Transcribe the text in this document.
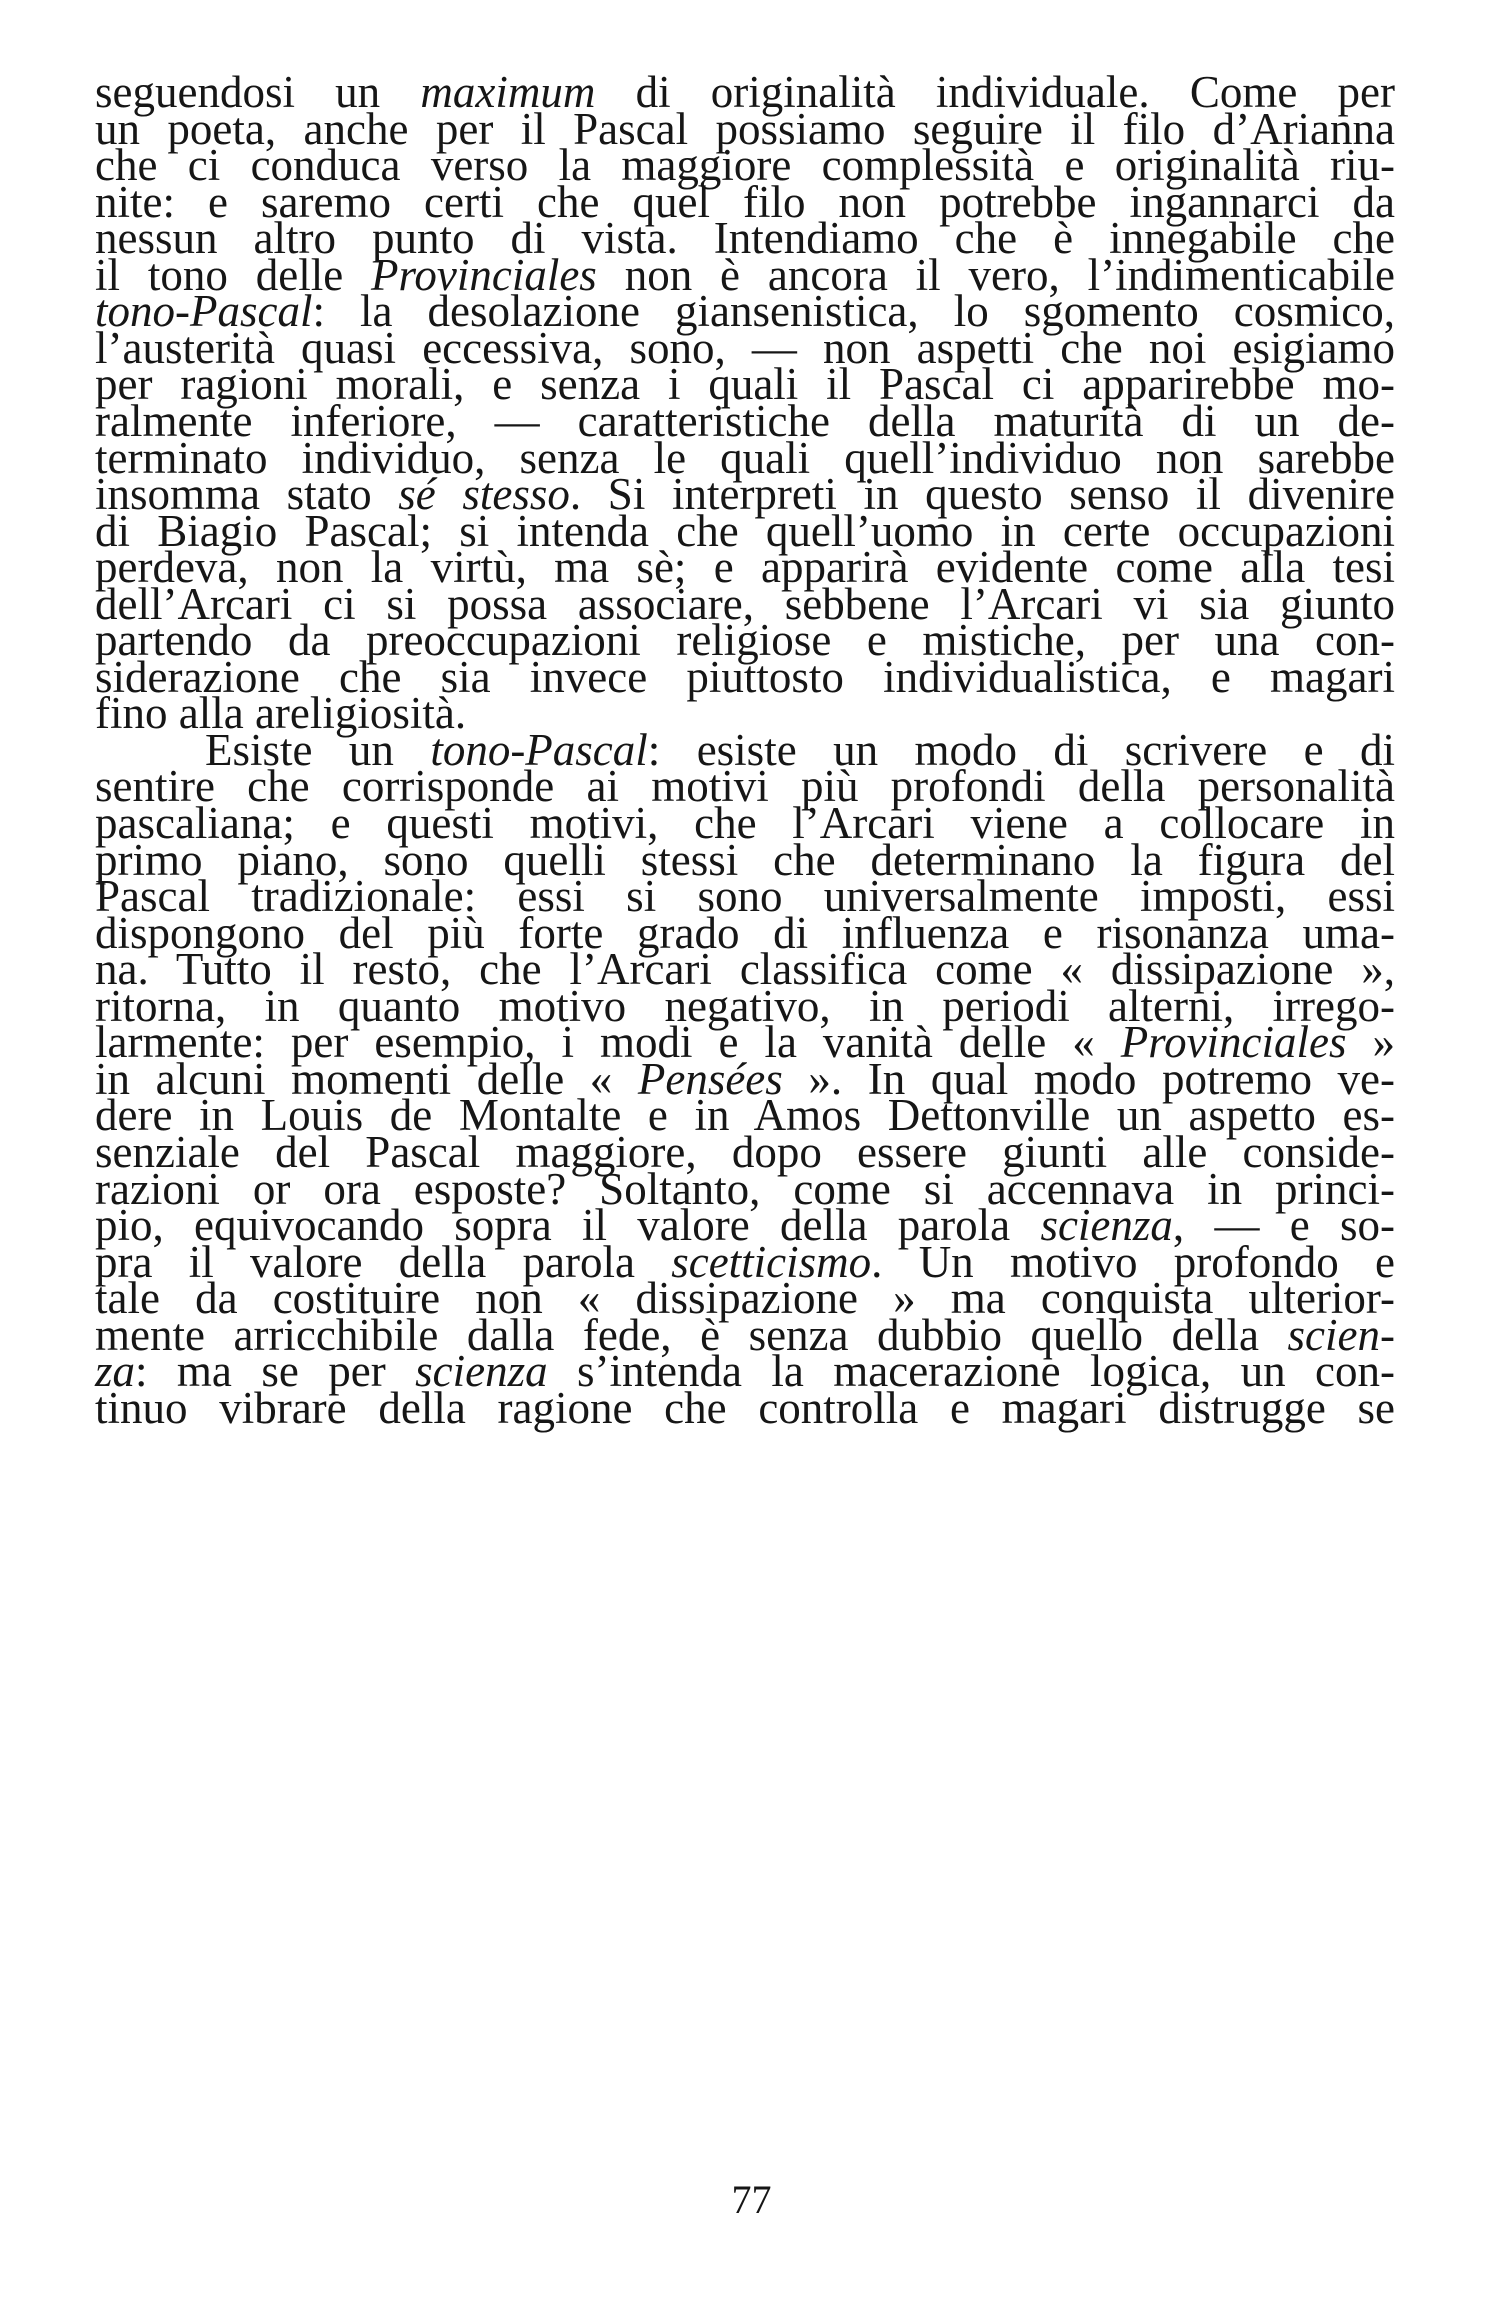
seguendosi un maximum di originalità individuale. Come per
un poeta, anche per il Pascal possiamo seguire il filo d’Arianna
che ci conduca verso la maggiore complessità e originalità riu-
nite: e saremo certi che quel filo non potrebbe ingannarci da
nessun altro punto di vista. Intendiamo che è innegabile che
il tono delle Provinciales non è ancora il vero, l’indimenticabile
tono-Pascal: la desolazione giansenistica, lo sgomento cosmico,
l’austerità quasi eccessiva, sono, — non aspetti che noi esigiamo
per ragioni morali, e senza i quali il Pascal ci apparirebbe mo-
ralmente inferiore, — caratteristiche della maturità di un de-
terminato individuo, senza le quali quell’individuo non sarebbe
insomma stato sé stesso. Si interpreti in questo senso il divenire
di Biagio Pascal; si intenda che quell’uomo in certe occupazioni
perdeva, non la virtù, ma sè; e apparirà evidente come alla tesi
dell’Arcari ci si possa associare, sebbene l’Arcari vi sia giunto
partendo da preoccupazioni religiose e mistiche, per una con-
siderazione che sia invece piuttosto individualistica, e magari
fino alla areligiosità.
Esiste un tono-Pascal: esiste un modo di scrivere e di
sentire che corrisponde ai motivi più profondi della personalità
pascaliana; e questi motivi, che l’Arcari viene a collocare in
primo piano, sono quelli stessi che determinano la figura del
Pascal tradizionale: essi si sono universalmente imposti, essi
dispongono del più forte grado di influenza e risonanza uma-
na. Tutto il resto, che l’Arcari classifica come « dissipazione »,
ritorna, in quanto motivo negativo, in periodi alterni, irrego-
larmente: per esempio, i modi e la vanità delle « Provinciales »
in alcuni momenti delle « Pensées ». In qual modo potremo ve-
dere in Louis de Montalte e in Amos Dettonville un aspetto es-
senziale del Pascal maggiore, dopo essere giunti alle conside-
razioni or ora esposte? Soltanto, come si accennava in princi-
pio, equivocando sopra il valore della parola scienza, — e so-
pra il valore della parola scetticismo. Un motivo profondo e
tale da costituire non « dissipazione » ma conquista ulterior-
mente arricchibile dalla fede, è senza dubbio quello della scien-
za: ma se per scienza s’intenda la macerazione logica, un con-
tinuo vibrare della ragione che controlla e magari distrugge se
77
